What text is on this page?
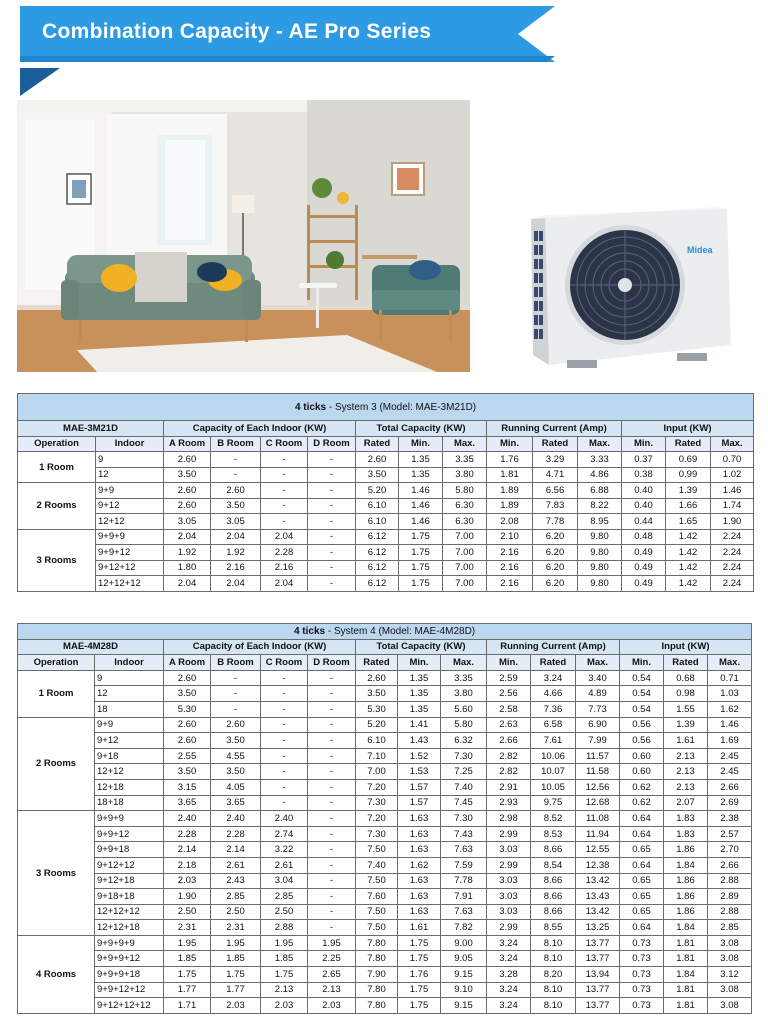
Combination Capacity - AE Pro Series
Midea
4 ticks - System 3 (Model: MAE-3M21D)														
MAE-3M21D		Capacity of Each Indoor (KW)				Total Capacity (KW)			Running Current (Amp)			Input (KW)		
Operation	Indoor	A Room	B Room	C Room	D Room	Rated	Min.	Max.	Min.	Rated	Max.	Min.	Rated	Max.
1 Room	9	2.60	-	-	-	2.60	1.35	3.35	1.76	3.29	3.33	0.37	0.69	0.70
	12	3.50	-	-	-	3.50	1.35	3.80	1.81	4.71	4.86	0.38	0.99	1.02
2 Rooms	9+9	2.60	2.60	-	-	5.20	1.46	5.80	1.89	6.56	6.88	0.40	1.39	1.46
	9+12	2.60	3.50	-	-	6.10	1.46	6.30	1.89	7.83	8.22	0.40	1.66	1.74
	12+12	3.05	3.05	-	-	6.10	1.46	6.30	2.08	7.78	8.95	0.44	1.65	1.90
3 Rooms	9+9+9	2.04	2.04	2.04	-	6.12	1.75	7.00	2.10	6.20	9.80	0.48	1.42	2.24
	9+9+12	1.92	1.92	2.28	-	6.12	1.75	7.00	2.16	6.20	9.80	0.49	1.42	2.24
	9+12+12	1.80	2.16	2.16	-	6.12	1.75	7.00	2.16	6.20	9.80	0.49	1.42	2.24
	12+12+12	2.04	2.04	2.04	-	6.12	1.75	7.00	2.16	6.20	9.80	0.49	1.42	2.24
4 ticks - System 4 (Model: MAE-4M28D)														
MAE-4M28D		Capacity of Each Indoor (KW)				Total Capacity (KW)			Running Current (Amp)			Input (KW)		
Operation	Indoor	A Room	B Room	C Room	D Room	Rated	Min.	Max.	Min.	Rated	Max.	Min.	Rated	Max.
1 Room	9	2.60	-	-	-	2.60	1.35	3.35	2.59	3.24	3.40	0.54	0.68	0.71
	12	3.50	-	-	-	3.50	1.35	3.80	2.56	4.66	4.89	0.54	0.98	1.03
	18	5.30	-	-	-	5.30	1.35	5.60	2.58	7.36	7.73	0.54	1.55	1.62
2 Rooms	9+9	2.60	2.60	-	-	5.20	1.41	5.80	2.63	6.58	6.90	0.56	1.39	1.46
	9+12	2.60	3.50	-	-	6.10	1.43	6.32	2.66	7.61	7.99	0.56	1.61	1.69
	9+18	2.55	4.55	-	-	7.10	1.52	7.30	2.82	10.06	11.57	0.60	2.13	2.45
	12+12	3.50	3.50	-	-	7.00	1.53	7.25	2.82	10.07	11.58	0.60	2.13	2.45
	12+18	3.15	4.05	-	-	7.20	1.57	7.40	2.91	10.05	12.56	0.62	2.13	2.66
	18+18	3.65	3.65	-	-	7.30	1.57	7.45	2.93	9.75	12.68	0.62	2.07	2.69
3 Rooms	9+9+9	2.40	2.40	2.40	-	7.20	1.63	7.30	2.98	8.52	11.08	0.64	1.83	2.38
	9+9+12	2.28	2.28	2.74	-	7.30	1.63	7.43	2.99	8.53	11.94	0.64	1.83	2.57
	9+9+18	2.14	2.14	3.22	-	7.50	1.63	7.63	3.03	8.66	12.55	0.65	1.86	2.70
	9+12+12	2.18	2.61	2.61	-	7.40	1.62	7.59	2.99	8.54	12.38	0.64	1.84	2.66
	9+12+18	2.03	2.43	3.04	-	7.50	1.63	7.78	3.03	8.66	13.42	0.65	1.86	2.88
	9+18+18	1.90	2.85	2.85	-	7.60	1.63	7.91	3.03	8.66	13.43	0.65	1.86	2.89
	12+12+12	2.50	2.50	2.50	-	7.50	1.63	7.63	3.03	8.66	13.42	0.65	1.86	2.88
	12+12+18	2.31	2.31	2.88	-	7.50	1.61	7.82	2.99	8.55	13.25	0.64	1.84	2.85
4 Rooms	9+9+9+9	1.95	1.95	1.95	1.95	7.80	1.75	9.00	3.24	8.10	13.77	0.73	1.81	3.08
	9+9+9+12	1.85	1.85	1.85	2.25	7.80	1.75	9.05	3.24	8.10	13.77	0.73	1.81	3.08
	9+9+9+18	1.75	1.75	1.75	2.65	7.90	1.76	9.15	3.28	8.20	13.94	0.73	1.84	3.12
	9+9+12+12	1.77	1.77	2.13	2.13	7.80	1.75	9.10	3.24	8.10	13.77	0.73	1.81	3.08
	9+12+12+12	1.71	2.03	2.03	2.03	7.80	1.75	9.15	3.24	8.10	13.77	0.73	1.81	3.08
